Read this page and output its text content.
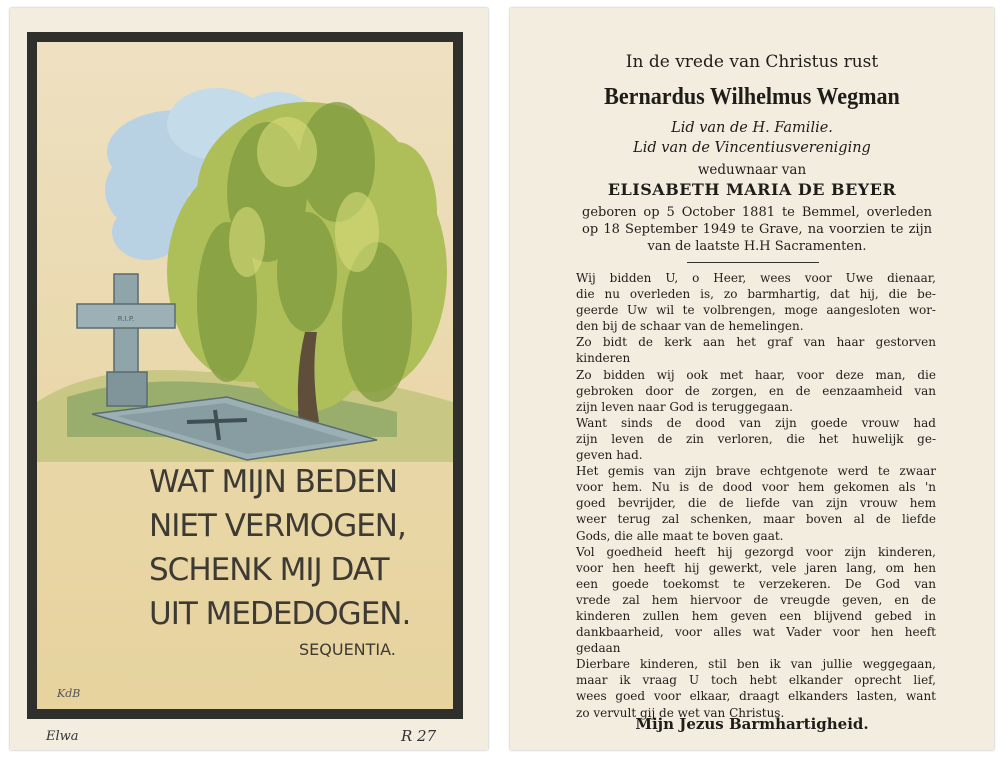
R.I.P.
WAT MIJN BEDEN
NIET VERMOGEN,
SCHENK MIJ DAT
UIT MEDEDOGEN.
SEQUENTIA.
KdB
Elwa	R 27
In de vrede van Christus rust
Bernardus Wilhelmus Wegman
Lid van de H. Familie.
Lid van de Vincentiusvereniging
weduwnaar van
ELISABETH MARIA DE BEYER
geboren op 5 October 1881 te Bemmel, overleden
op 18 September 1949 te Grave, na voorzien te zijn
van de laatste H.H Sacramenten.
Wij bidden U, o Heer, wees voor Uwe dienaar,
die nu overleden is, zo barmhartig, dat hij, die be-
geerde Uw wil te volbrengen, moge aangesloten wor-
den bij de schaar van de hemelingen.
Zo bidt de kerk aan het graf van haar gestorven
kinderen
Zo bidden wij ook met haar, voor deze man, die
gebroken door de zorgen, en de eenzaamheid van
zijn leven naar God is teruggegaan.
Want sinds de dood van zijn goede vrouw had
zijn leven de zin verloren, die het huwelijk ge-
geven had.
Het gemis van zijn brave echtgenote werd te zwaar
voor hem. Nu is de dood voor hem gekomen als 'n
goed bevrijder, die de liefde van zijn vrouw hem
weer terug zal schenken, maar boven al de liefde
Gods, die alle maat te boven gaat.
Vol goedheid heeft hij gezorgd voor zijn kinderen,
voor hen heeft hij gewerkt, vele jaren lang, om hen
een goede toekomst te verzekeren. De God van
vrede zal hem hiervoor de vreugde geven, en de
kinderen zullen hem geven een blijvend gebed in
dankbaarheid, voor alles wat Vader voor hen heeft
gedaan
Dierbare kinderen, stil ben ik van jullie weggegaan,
maar ik vraag U toch hebt elkander oprecht lief,
wees goed voor elkaar, draagt elkanders lasten, want
zo vervult gij de wet van Christus.
Mijn Jezus Barmhartigheid.
